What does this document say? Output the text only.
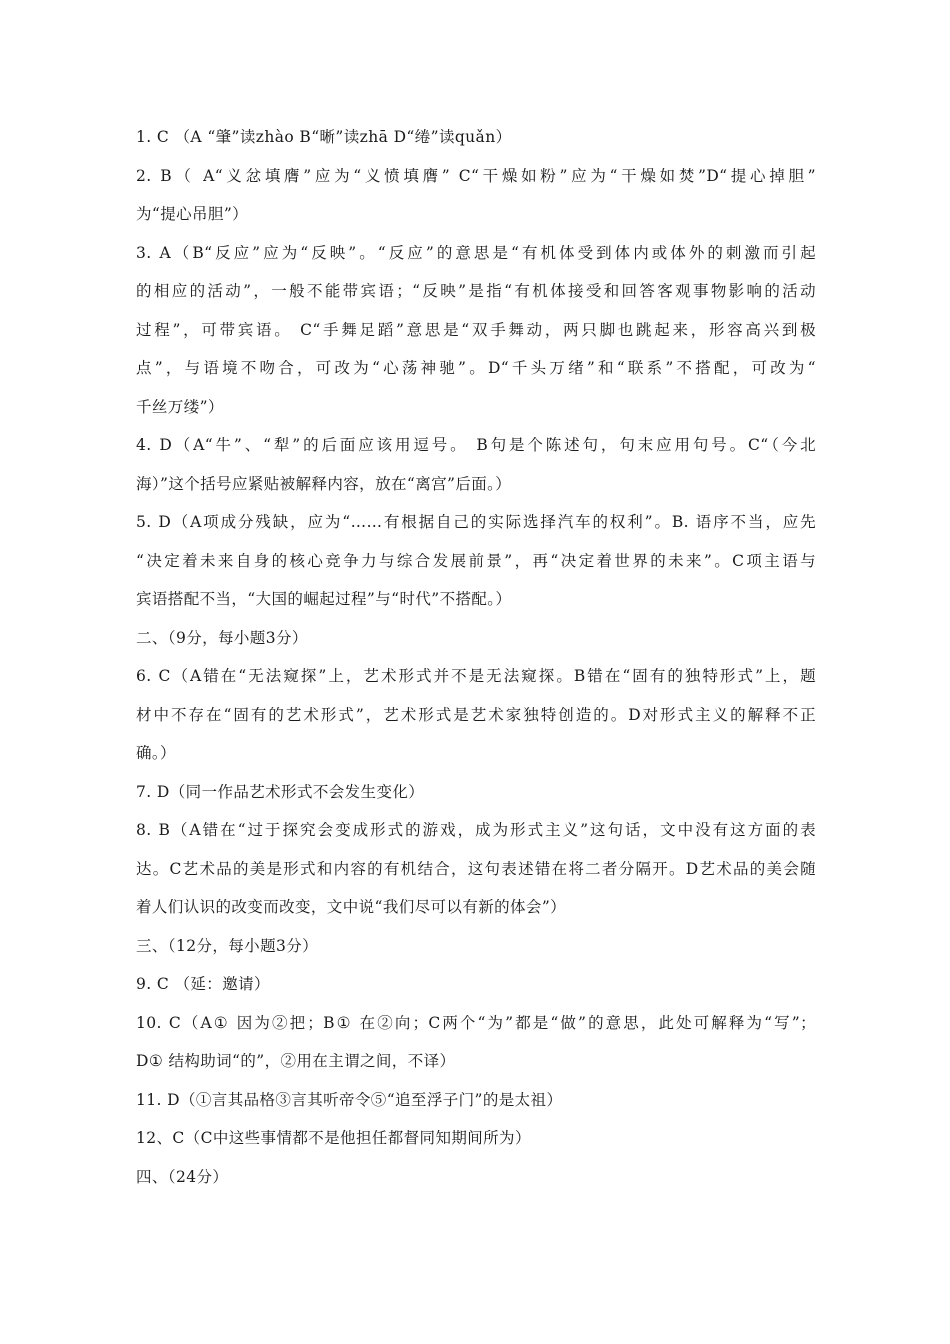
1. C （A “肇”读zhào B“晰”读zhā D“绻”读quǎn）
2. B（ A“义忿填膺”应为“义愤填膺” C“干燥如粉”应为“干燥如焚”D“提心掉胆”
为“提心吊胆”）
3. A（B“反应”应为“反映”。“反应”的意思是“有机体受到体内或体外的刺激而引起
的相应的活动”，一般不能带宾语；“反映”是指“有机体接受和回答客观事物影响的活动
过程”，可带宾语。 C“手舞足蹈”意思是“双手舞动，两只脚也跳起来，形容高兴到极
点”，与语境不吻合，可改为“心荡神驰”。D“千头万绪”和“联系”不搭配，可改为“
千丝万缕”）
4. D（A“牛”、“犁”的后面应该用逗号。 B句是个陈述句，句末应用句号。C“（今北
海）”这个括号应紧贴被解释内容，放在“离宫”后面。）
5. D（A项成分残缺，应为“……有根据自己的实际选择汽车的权利”。B. 语序不当，应先
“决定着未来自身的核心竞争力与综合发展前景”，再“决定着世界的未来”。C项主语与
宾语搭配不当，“大国的崛起过程”与“时代”不搭配。）
二、（9分，每小题3分）
6. C（A错在“无法窥探”上，艺术形式并不是无法窥探。B错在“固有的独特形式”上，题
材中不存在“固有的艺术形式”，艺术形式是艺术家独特创造的。D对形式主义的解释不正
确。）
7. D（同一作品艺术形式不会发生变化）
8. B（A错在“过于探究会变成形式的游戏，成为形式主义”这句话，文中没有这方面的表
达。C艺术品的美是形式和内容的有机结合，这句表述错在将二者分隔开。D艺术品的美会随
着人们认识的改变而改变，文中说“我们尽可以有新的体会”）
三、（12分，每小题3分）
9. C （延：邀请）
10. C（A① 因为②把；B① 在②向；C两个“为”都是“做”的意思，此处可解释为“写”；
D① 结构助词“的”，②用在主谓之间，不译）
11. D（①言其品格③言其听帝令⑤“追至浮子门”的是太祖）
12、C（C中这些事情都不是他担任都督同知期间所为）
四、（24分）
